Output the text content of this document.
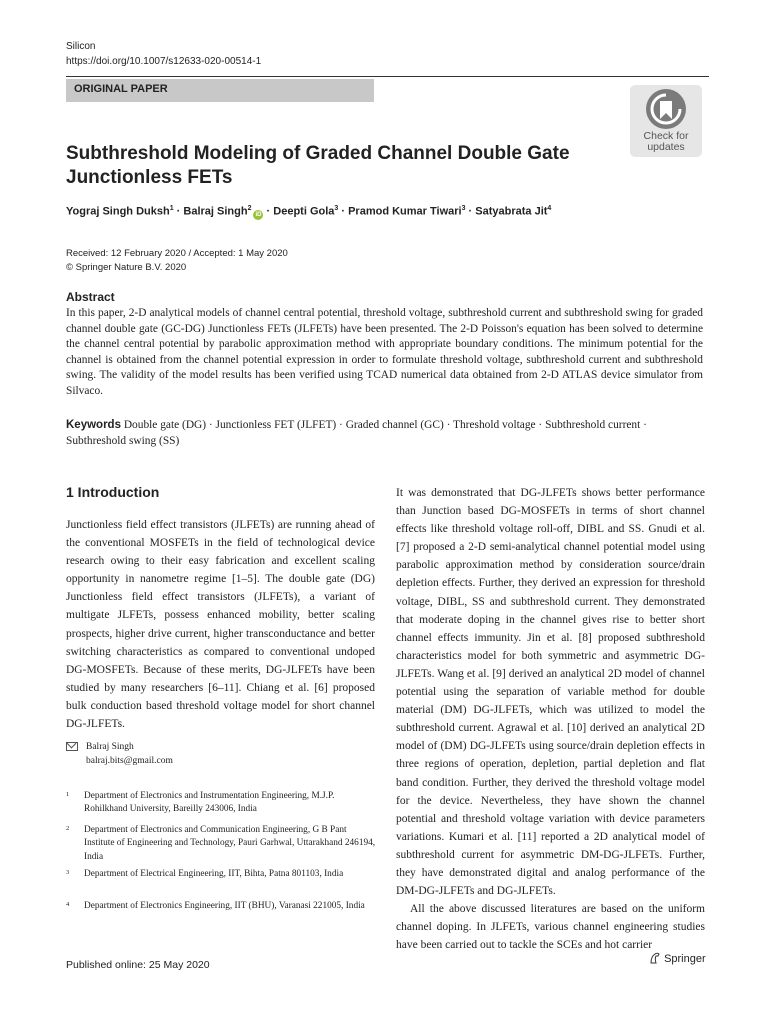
Silicon
https://doi.org/10.1007/s12633-020-00514-1
ORIGINAL PAPER
Check for
updates
Subthreshold Modeling of Graded Channel Double Gate Junctionless FETs
Yograj Singh Duksh$^1$ · Balraj Singh$^2$iD · Deepti Gola$^3$ · Pramod Kumar Tiwari$^3$ · Satyabrata Jit$^4$
Received: 12 February 2020 / Accepted: 1 May 2020
© Springer Nature B.V. 2020
Abstract
In this paper, 2-D analytical models of channel central potential, threshold voltage, subthreshold current and subthreshold swing for graded channel double gate (GC-DG) Junctionless FETs (JLFETs) have been presented. The 2-D Poisson's equation has been solved to determine the channel central potential by parabolic approximation method with appropriate boundary conditions. The minimum potential for the channel is obtained from the channel potential expression in order to formulate threshold voltage, subthreshold current and subthreshold swing. The validity of the model results has been verified using TCAD numerical data obtained from 2-D ATLAS device simulator from Silvaco.
Keywords Double gate (DG) · Junctionless FET (JLFET) · Graded channel (GC) · Threshold voltage · Subthreshold current · Subthreshold swing (SS)
1 Introduction

Junctionless field effect transistors (JLFETs) are running ahead of the conventional MOSFETs in the field of technological device research owing to their easy fabrication and excellent scaling opportunity in nanometre regime [1–5]. The double gate (DG) Junctionless field effect transistors (JLFETs), a variant of multigate JLFETs, possess enhanced mobility, better scaling prospects, higher drive current, higher transconductance and better switching characteristics as compared to conventional undoped DG-MOSFETs. Because of these merits, DG-JLFETs have been studied by many researchers [6–11]. Chiang et al. [6] proposed bulk conduction based threshold voltage model for short channel DG-JLFETs.

It was demonstrated that DG-JLFETs shows better performance than Junction based DG-MOSFETs in terms of short channel effects like threshold voltage roll-off, DIBL and SS. Gnudi et al. [7] proposed a 2-D semi-analytical channel potential model using parabolic approximation method by consideration source/drain depletion effects. Further, they derived an expression for threshold voltage, DIBL, SS and subthreshold current. They demonstrated that moderate doping in the channel gives rise to better short channel effects immunity. Jin et al. [8] proposed subthreshold characteristics model for both symmetric and asymmetric DG-JLFETs. Wang et al. [9] derived an analytical 2D model of channel potential using the separation of variable method for double material (DM) DG-JLFETs, which was utilized to model the subthreshold current. Agrawal et al. [10] derived an analytical 2D model of (DM) DG-JLFETs using source/drain depletion effects in three regions of operation, depletion, partial depletion and flat band condition. Further, they derived the threshold voltage model for the device. Nevertheless, they have shown the channel potential and threshold voltage variation with device parameters variations. Kumari et al. [11] reported a 2D analytical model of subthreshold current for asymmetric DM-DG-JLFETs. Further, they have demonstrated digital and analog performance of the DM-DG-JLFETs and DG-JLFETs.

All the above discussed literatures are based on the uniform channel doping. In JLFETs, various channel engineering studies have been carried out to tackle the SCEs and hot carrier

Balraj Singh
balraj.bits@gmail.com
1 Department of Electronics and Instrumentation Engineering, M.J.P. Rohilkhand University, Bareilly 243006, India
2 Department of Electronics and Communication Engineering, G B Pant Institute of Engineering and Technology, Pauri Garhwal, Uttarakhand 246194, India
3 Department of Electrical Engineering, IIT, Bihta, Patna 801103, India
4 Department of Electronics Engineering, IIT (BHU), Varanasi 221005, India
Published online: 25 May 2020	Springer
